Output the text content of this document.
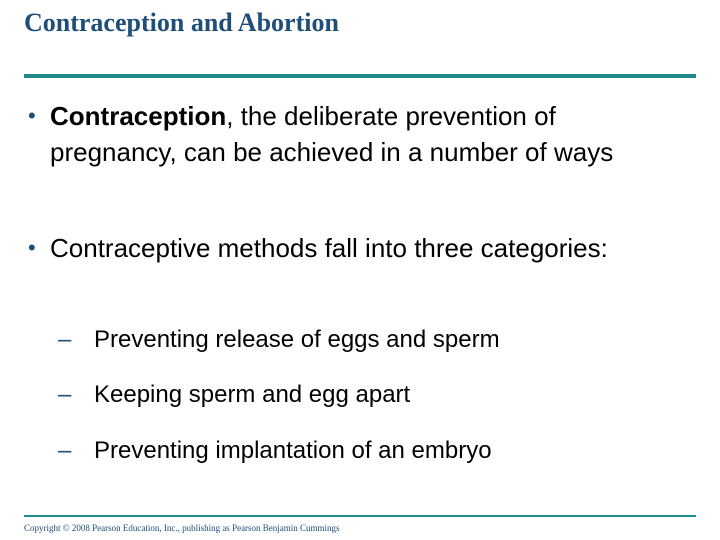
Contraception and Abortion
• Contraception, the deliberate prevention of pregnancy, can be achieved in a number of ways
• Contraceptive methods fall into three categories:
– Preventing release of eggs and sperm
– Keeping sperm and egg apart
– Preventing implantation of an embryo
Copyright © 2008 Pearson Education, Inc., publishing as Pearson Benjamin Cummings
